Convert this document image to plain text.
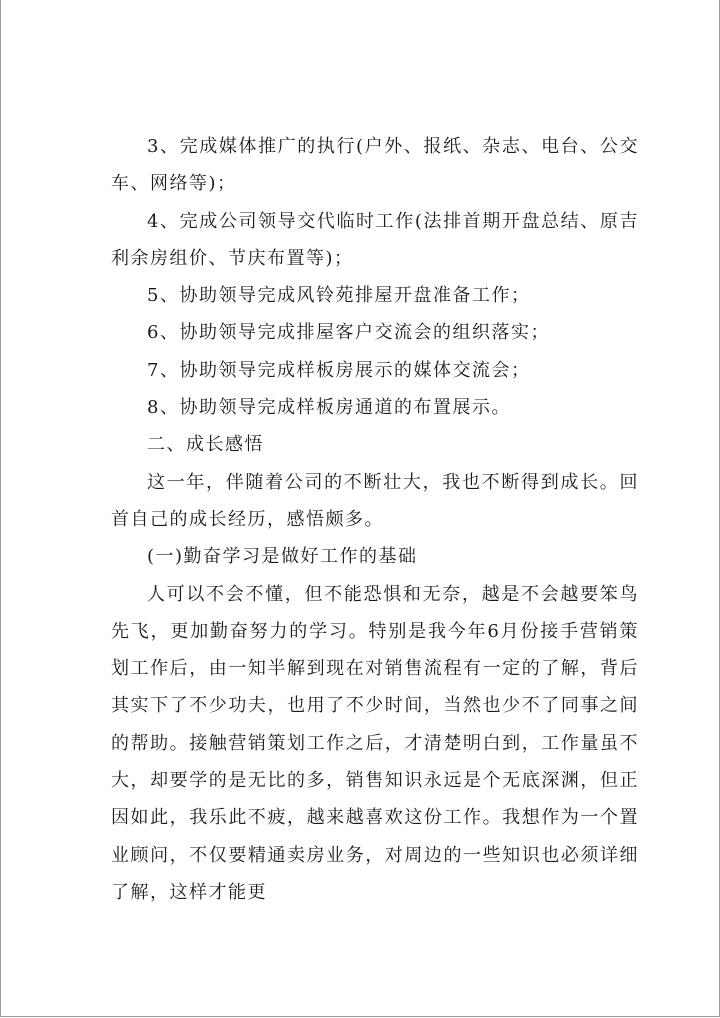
3、完成媒体推广的执行(户外、报纸、杂志、电台、公交车、网络等)；

4、完成公司领导交代临时工作(法排首期开盘总结、原吉利余房组价、节庆布置等)；

5、协助领导完成风铃苑排屋开盘准备工作；

6、协助领导完成排屋客户交流会的组织落实；

7、协助领导完成样板房展示的媒体交流会；

8、协助领导完成样板房通道的布置展示。

二、成长感悟

这一年，伴随着公司的不断壮大，我也不断得到成长。回首自己的成长经历，感悟颇多。

(一)勤奋学习是做好工作的基础

人可以不会不懂，但不能恐惧和无奈，越是不会越要笨鸟先飞，更加勤奋努力的学习。特别是我今年6月份接手营销策划工作后，由一知半解到现在对销售流程有一定的了解，背后其实下了不少功夫，也用了不少时间，当然也少不了同事之间的帮助。接触营销策划工作之后，才清楚明白到，工作量虽不大，却要学的是无比的多，销售知识永远是个无底深渊，但正因如此，我乐此不疲，越来越喜欢这份工作。我想作为一个置业顾问，不仅要精通卖房业务，对周边的一些知识也必须详细了解，这样才能更
